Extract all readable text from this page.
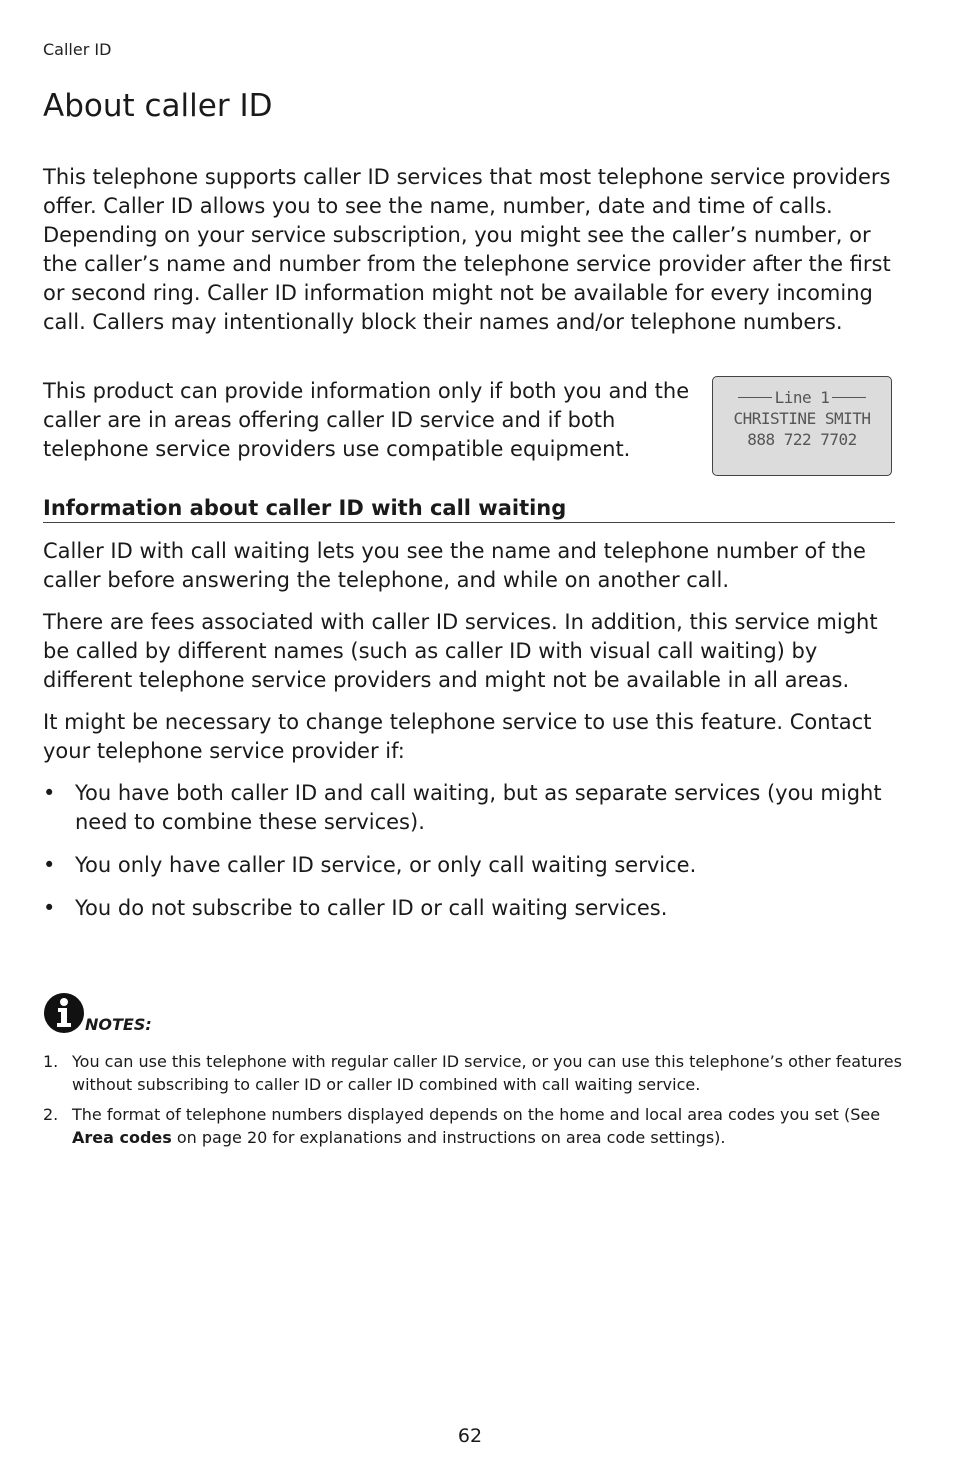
Caller ID
About caller ID

This telephone supports caller ID services that most telephone service providers offer. Caller ID allows you to see the name, number, date and time of calls. Depending on your service subscription, you might see the caller’s number, or the caller’s name and number from the telephone service provider after the first or second ring. Caller ID information might not be available for every incoming call. Callers may intentionally block their names and/or telephone numbers.

This product can provide information only if both you and the caller are in areas offering caller ID service and if both telephone service providers use compatible equipment.

Line 1
CHRISTINE SMITH
888 722 7702
Information about caller ID with call waiting

Caller ID with call waiting lets you see the name and telephone number of the caller before answering the telephone, and while on another call.

There are fees associated with caller ID services. In addition, this service might be called by different names (such as caller ID with visual call waiting) by different telephone service providers and might not be available in all areas.

It might be necessary to change telephone service to use this feature. Contact your telephone service provider if:

• You have both caller ID and call waiting, but as separate services (you might need to combine these services).
• You only have caller ID service, or only call waiting service.
• You do not subscribe to caller ID or call waiting services.
NOTES:
1. You can use this telephone with regular caller ID service, or you can use this telephone’s other features without subscribing to caller ID or caller ID combined with call waiting service.
2. The format of telephone numbers displayed depends on the home and local area codes you set (See Area codes on page 20 for explanations and instructions on area code settings).
62
